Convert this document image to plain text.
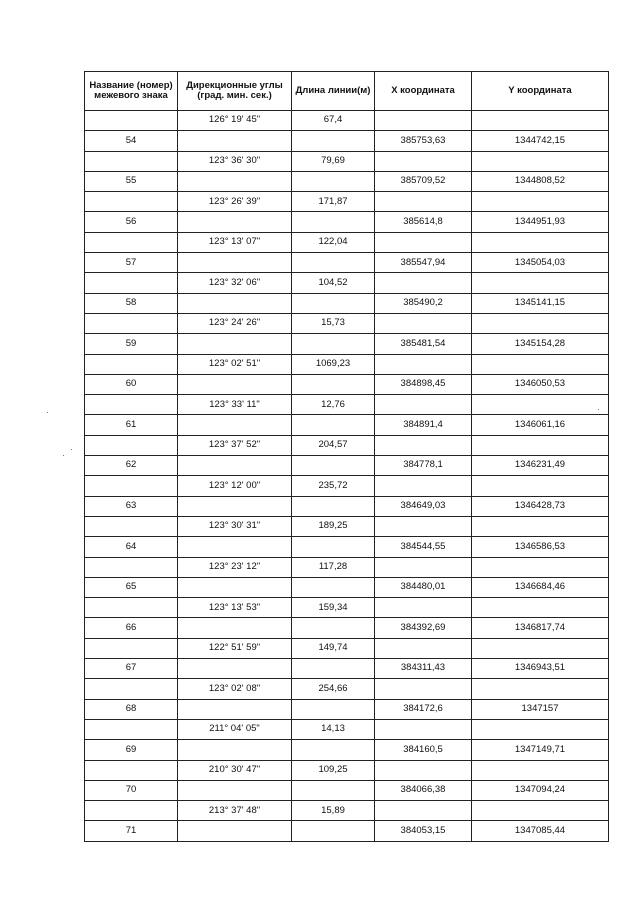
Название (номер) межевого знака	Дирекционные углы (град. мин. сек.)	Длина линии(м)	X координата	Y координата
	126° 19' 45"	67,4		
54			385753,63	1344742,15
	123° 36' 30"	79,69		
55			385709,52	1344808,52
	123° 26' 39"	171,87		
56			385614,8	1344951,93
	123° 13' 07"	122,04		
57			385547,94	1345054,03
	123° 32' 06"	104,52		
58			385490,2	1345141,15
	123° 24' 26"	15,73		
59			385481,54	1345154,28
	123° 02' 51"	1069,23		
60			384898,45	1346050,53
	123° 33' 11"	12,76		
61			384891,4	1346061,16
	123° 37' 52"	204,57		
62			384778,1	1346231,49
	123° 12' 00"	235,72		
63			384649,03	1346428,73
	123° 30' 31"	189,25		
64			384544,55	1346586,53
	123° 23' 12"	117,28		
65			384480,01	1346684,46
	123° 13' 53"	159,34		
66			384392,69	1346817,74
	122° 51' 59"	149,74		
67			384311,43	1346943,51
	123° 02' 08"	254,66		
68			384172,6	1347157
	211° 04' 05"	14,13		
69			384160,5	1347149,71
	210° 30' 47"	109,25		
70			384066,38	1347094,24
	213° 37' 48"	15,89		
71			384053,15	1347085,44
